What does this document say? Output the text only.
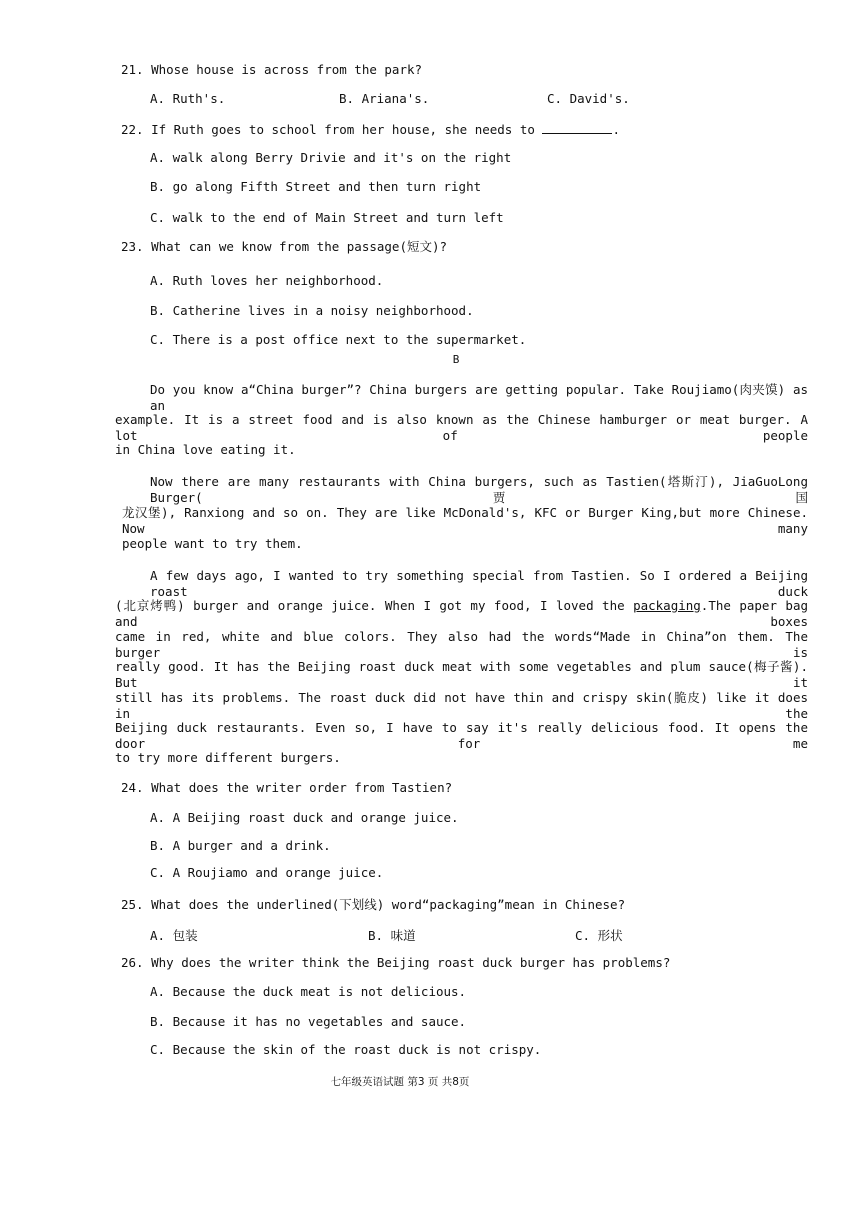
21. Whose house is across from the park?
A. Ruth's.	B. Ariana's.	C. David's.
22. If Ruth goes to school from her house, she needs to	.
A. walk along Berry Drivie and it's on the right
B. go along Fifth Street and then turn right
C. walk to the end of Main Street and turn left
23. What can we know from the passage(短文)?
A. Ruth loves her neighborhood.
B. Catherine lives in a noisy neighborhood.
C. There is a post office next to the supermarket.
B
Do you know a“China burger”? China burgers are getting popular. Take Roujiamo(肉夹馍) as an
example. It is a street food and is also known as the Chinese hamburger or meat burger. A lot of people
in China love eating it.
Now there are many restaurants with China burgers, such as Tastien(塔斯汀), JiaGuoLong Burger(贾国
龙汉堡), Ranxiong and so on. They are like McDonald's, KFC or Burger King,but more Chinese. Now many
people want to try them.
A few days ago, I wanted to try something special from Tastien. So I ordered a Beijing roast duck
(北京烤鸭) burger and orange juice. When I got my food, I loved the packaging.The paper bag and boxes
came in red, white and blue colors. They also had the words“Made in China”on them. The burger is
really good. It has the Beijing roast duck meat with some vegetables and plum sauce(梅子酱). But it
still has its problems. The roast duck did not have thin and crispy skin(脆皮) like it does in the
Beijing duck restaurants. Even so, I have to say it's really delicious food. It opens the door for me
to try more different burgers.
24. What does the writer order from Tastien?
A. A Beijing roast duck and orange juice.
B. A burger and a drink.
C. A Roujiamo and orange juice.
25. What does the underlined(下划线) word“packaging”mean in Chinese?
A. 包装	B. 味道	C. 形状
26. Why does the writer think the Beijing roast duck burger has problems?
A. Because the duck meat is not delicious.
B. Because it has no vegetables and sauce.
C. Because the skin of the roast duck is not crispy.
七年级英语试题 第3 页 共8页
